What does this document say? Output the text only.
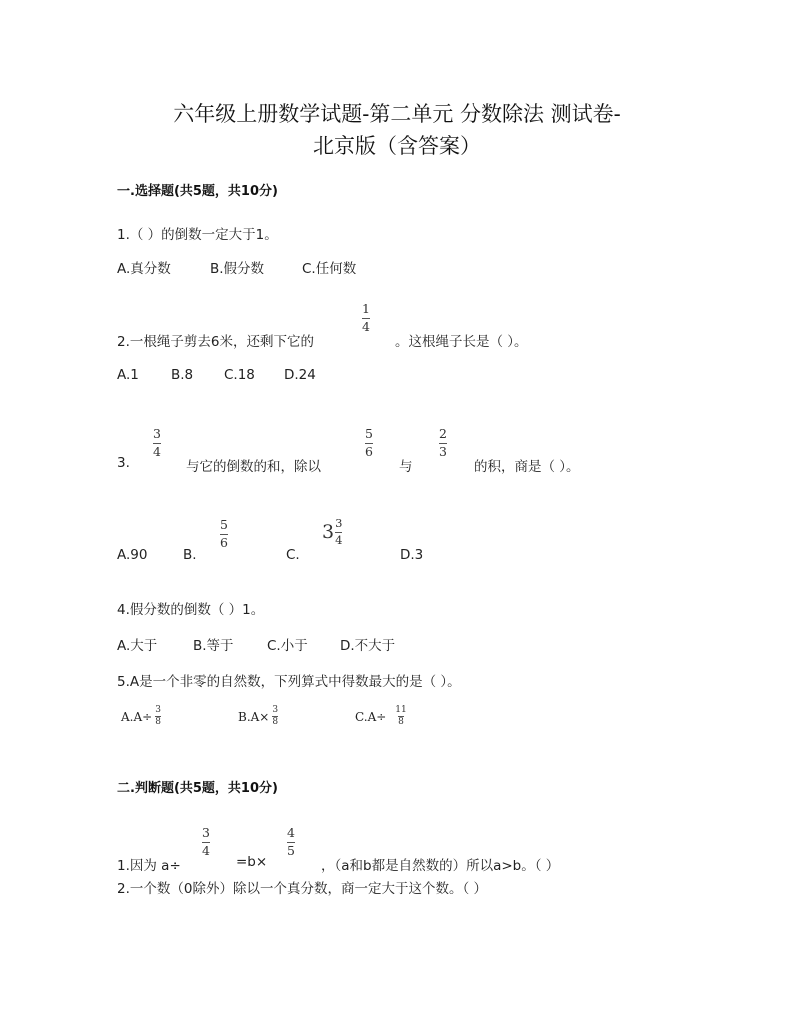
六年级上册数学试题-第二单元 分数除法 测试卷-
北京版（含答案）
一.选择题(共5题，共10分)
1.（ ）的倒数一定大于1。
A.真分数	B.假分数	C.任何数
2.一根绳子剪去6米，还剩下它的
$\frac{1}{4}$
。这根绳子长是（ ）。
A.1 B.8 C.18 D.24
3.
$\frac{3}{4}$
与它的倒数的和，除以
$\frac{5}{6}$
与
$\frac{2}{3}$
的积，商是（ ）。
A.90	B.
$\frac{5}{6}$
C.
$3 \frac{3}{4}$
D.3
4.假分数的倒数（ ）1。
A.大于	B.等于 C.小于 D.不大于
5.A是一个非零的自然数，下列算式中得数最大的是（ ）。
$A.A\div \frac{3}{8}$	$B.A\times \frac{3}{8}$	$C.A\div \frac{11}{8}$
二.判断题(共5题，共10分)
1.因为 a÷
$\frac{3}{4}$
=b×
$\frac{4}{5}$
，（a和b都是自然数的）所以a>b。（ ）
2.一个数（0除外）除以一个真分数，商一定大于这个数。（ ）
